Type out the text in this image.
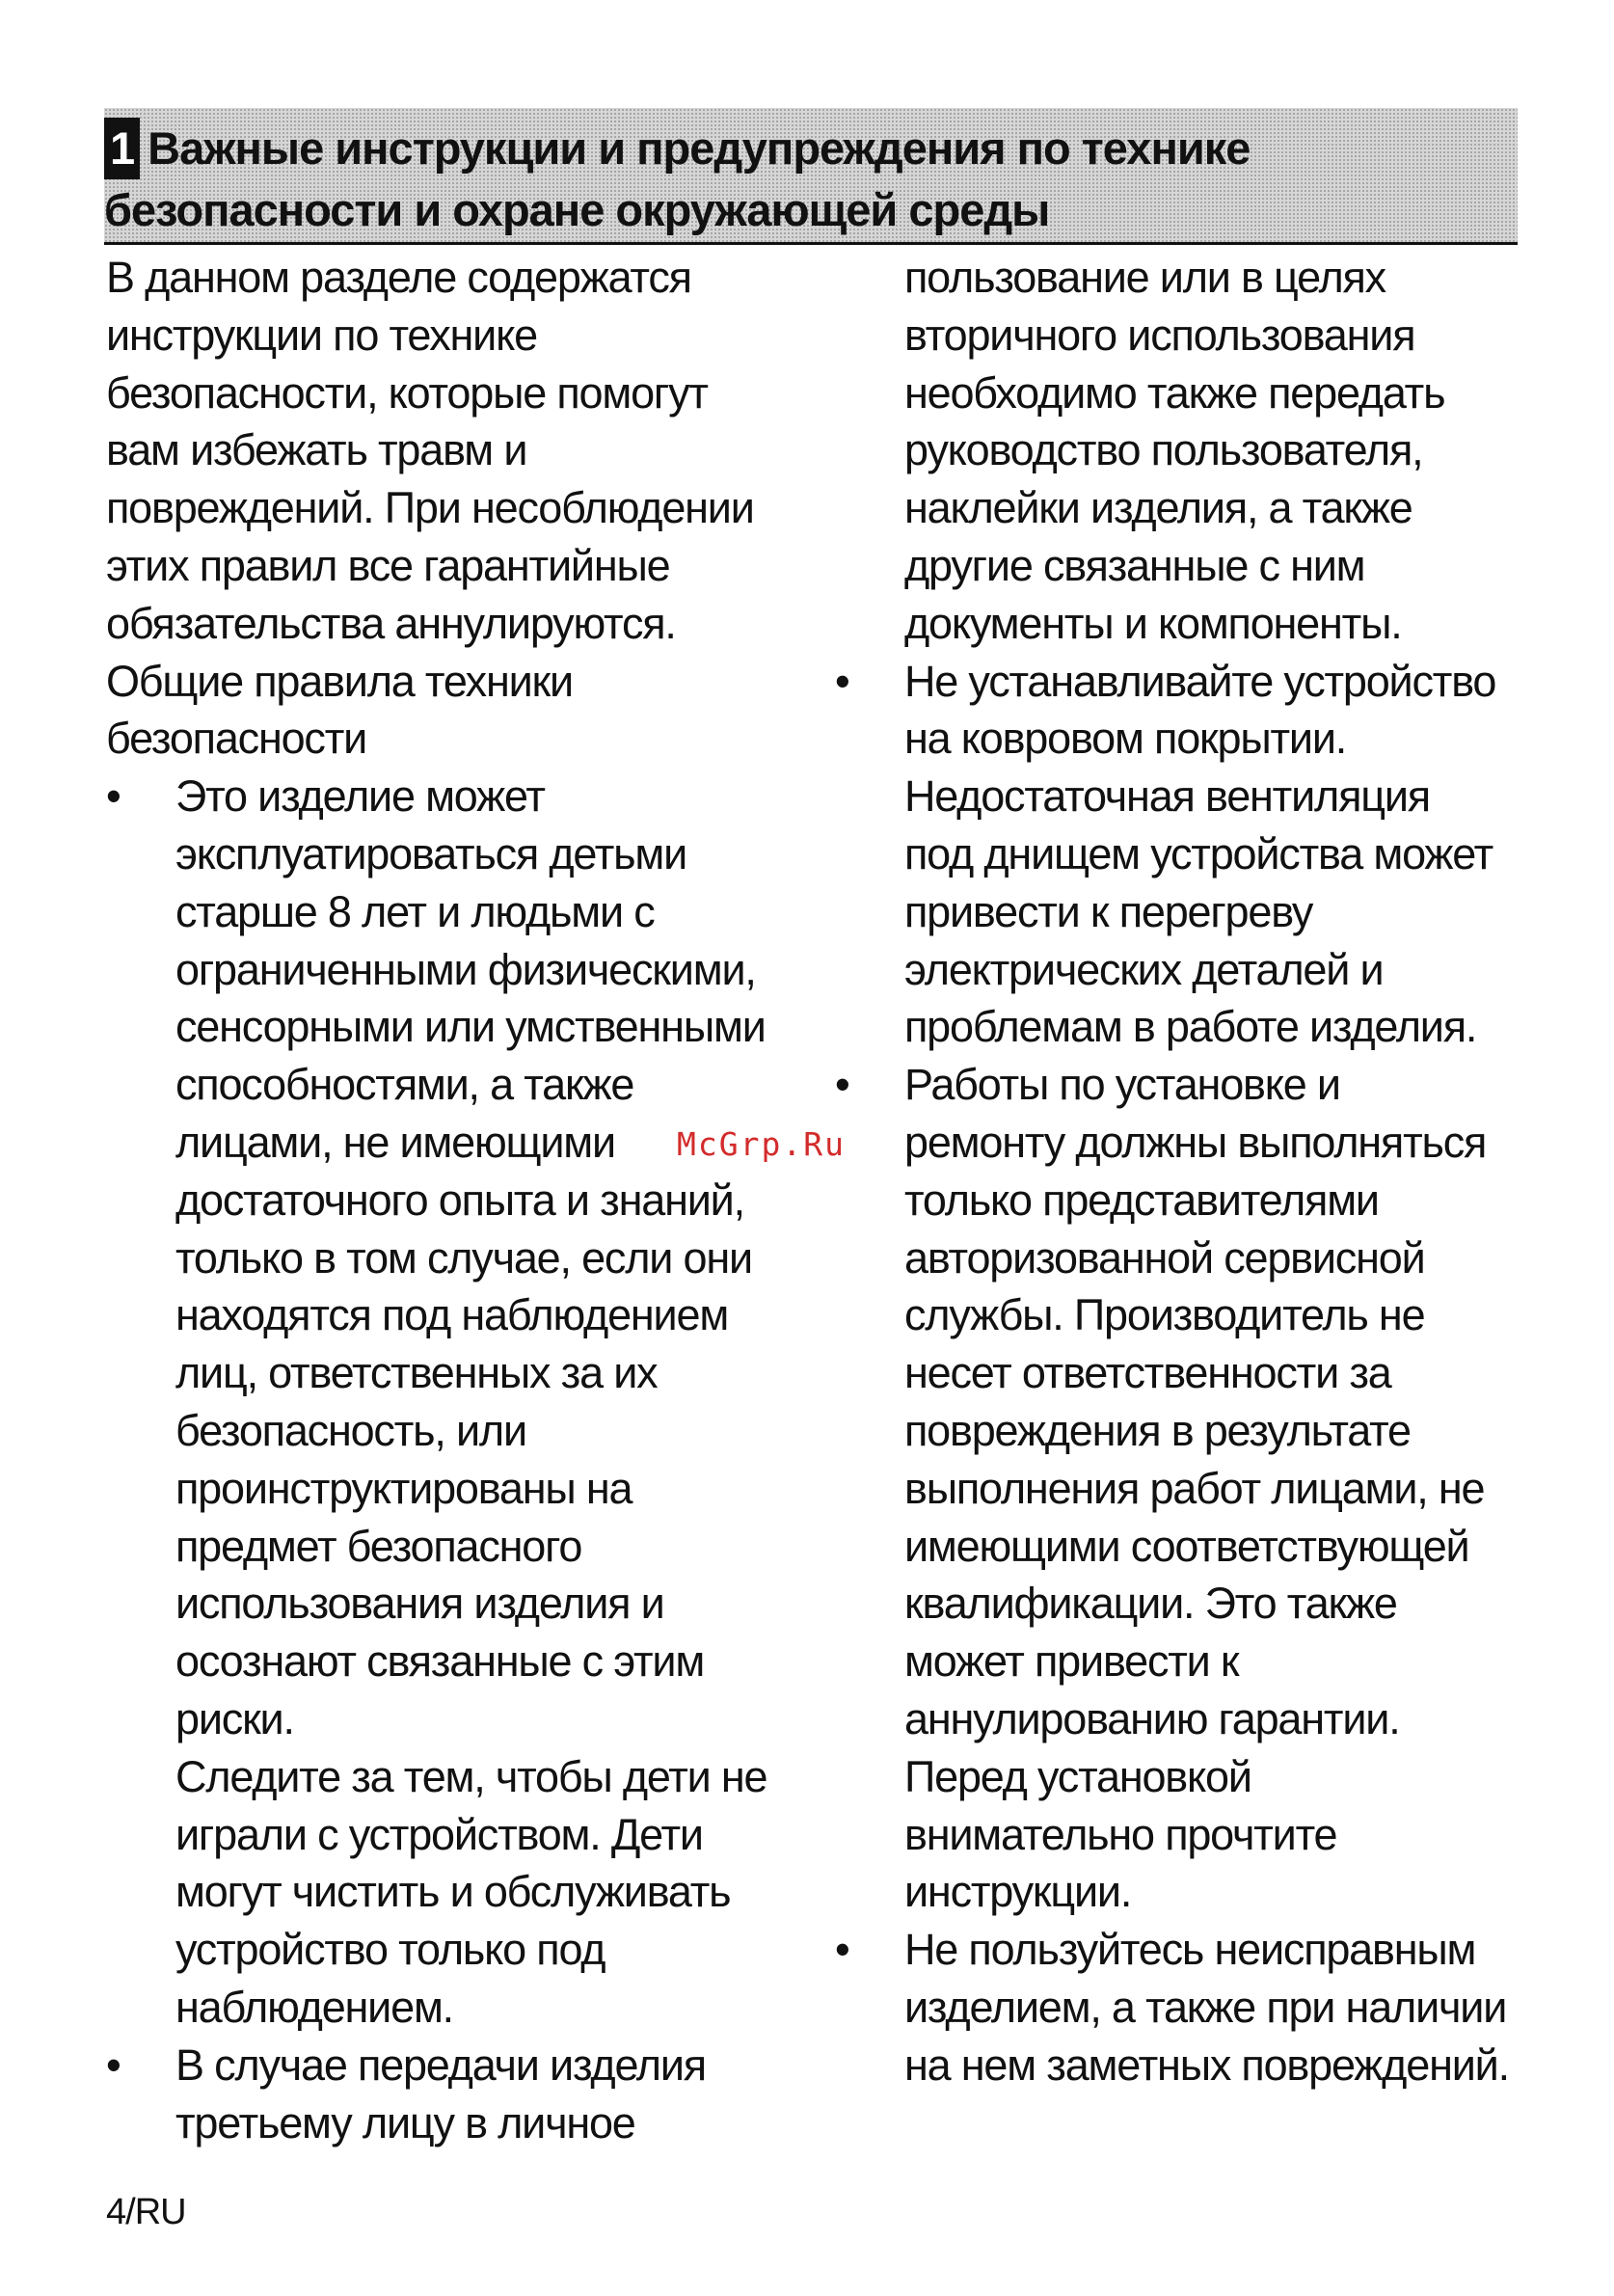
1 Важные инструкции и предупреждения по технике
безопасности и охране окружающей среды
В данном разделе содержатся
инструкции по технике
безопасности, которые помогут
вам избежать травм и
повреждений. При несоблюдении
этих правил все гарантийные
обязательства аннулируются.
Общие правила техники
безопасности
• Это изделие может
эксплуатироваться детьми
старше 8 лет и людьми с
ограниченными физическими,
сенсорными или умственными
способностями, а также
лицами, не имеющими
достаточного опыта и знаний,
только в том случае, если они
находятся под наблюдением
лиц, ответственных за их
безопасность, или
проинструктированы на
предмет безопасного
использования изделия и
осознают связанные с этим
риски.
Следите за тем, чтобы дети не
играли с устройством. Дети
могут чистить и обслуживать
устройство только под
наблюдением.
• В случае передачи изделия
третьему лицу в личное
пользование или в целях
вторичного использования
необходимо также передать
руководство пользователя,
наклейки изделия, а также
другие связанные с ним
документы и компоненты.
• Не устанавливайте устройство
на ковровом покрытии.
Недостаточная вентиляция
под днищем устройства может
привести к перегреву
электрических деталей и
проблемам в работе изделия.
• Работы по установке и
ремонту должны выполняться
только представителями
авторизованной сервисной
службы. Производитель не
несет ответственности за
повреждения в результате
выполнения работ лицами, не
имеющими соответствующей
квалификации. Это также
может привести к
аннулированию гарантии.
Перед установкой
внимательно прочтите
инструкции.
• Не пользуйтесь неисправным
изделием, а также при наличии
на нем заметных повреждений.
McGrp.Ru
4/RU
